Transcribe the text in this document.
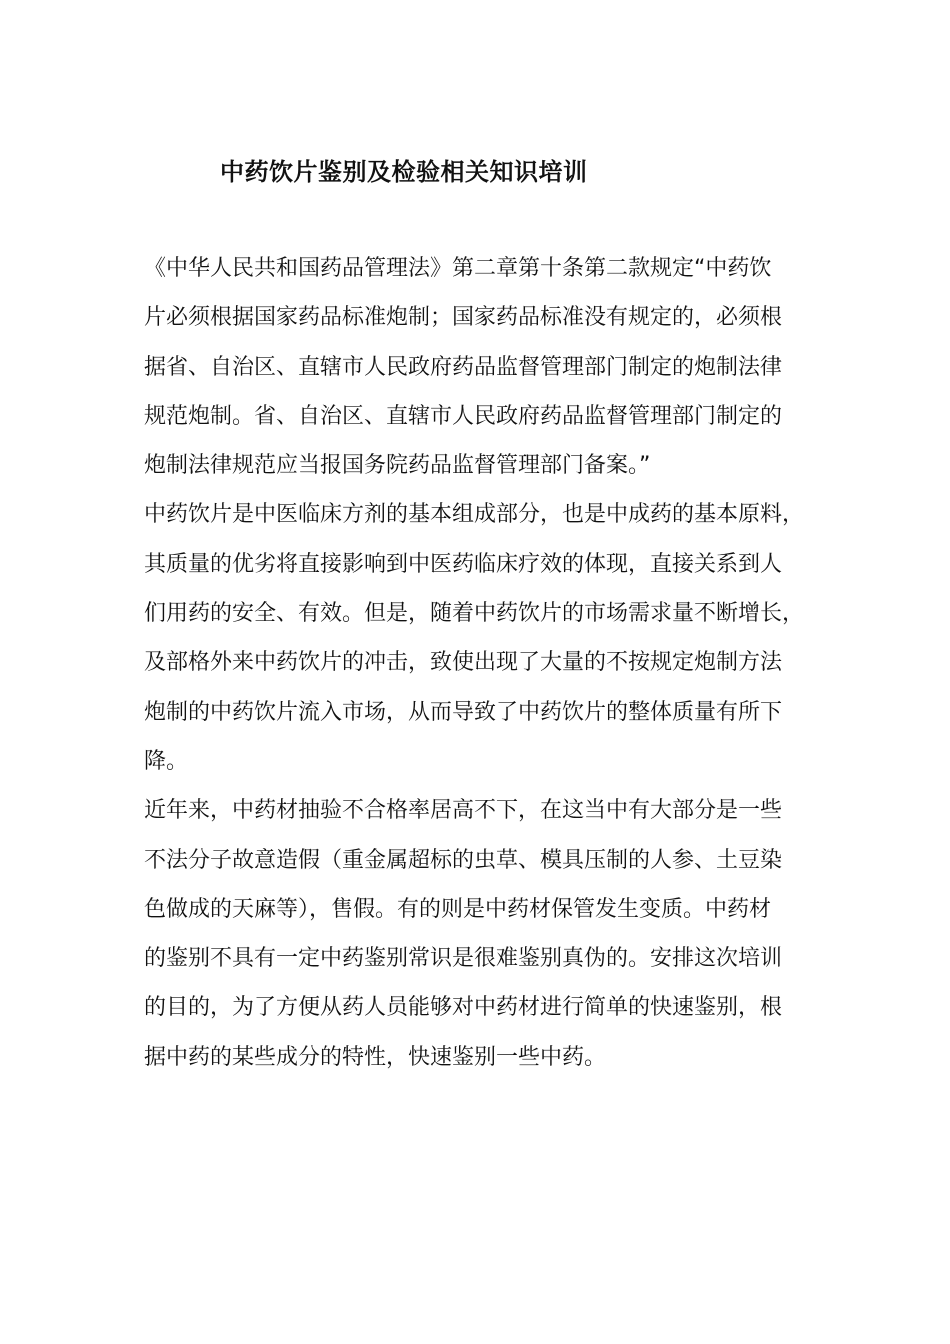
中药饮片鉴别及检验相关知识培训
《中华人民共和国药品管理法》第二章第十条第二款规定“中药饮
片必须根据国家药品标准炮制；国家药品标准没有规定的，必须根
据省、自治区、直辖市人民政府药品监督管理部门制定的炮制法律
规范炮制。省、自治区、直辖市人民政府药品监督管理部门制定的
炮制法律规范应当报国务院药品监督管理部门备案。”
中药饮片是中医临床方剂的基本组成部分，也是中成药的基本原料，
其质量的优劣将直接影响到中医药临床疗效的体现，直接关系到人
们用药的安全、有效。但是，随着中药饮片的市场需求量不断增长，
及部格外来中药饮片的冲击，致使出现了大量的不按规定炮制方法
炮制的中药饮片流入市场，从而导致了中药饮片的整体质量有所下
降。
近年来，中药材抽验不合格率居高不下，在这当中有大部分是一些
不法分子故意造假（重金属超标的虫草、模具压制的人参、土豆染
色做成的天麻等），售假。有的则是中药材保管发生变质。中药材
的鉴别不具有一定中药鉴别常识是很难鉴别真伪的。安排这次培训
的目的，为了方便从药人员能够对中药材进行简单的快速鉴别，根
据中药的某些成分的特性，快速鉴别一些中药。
